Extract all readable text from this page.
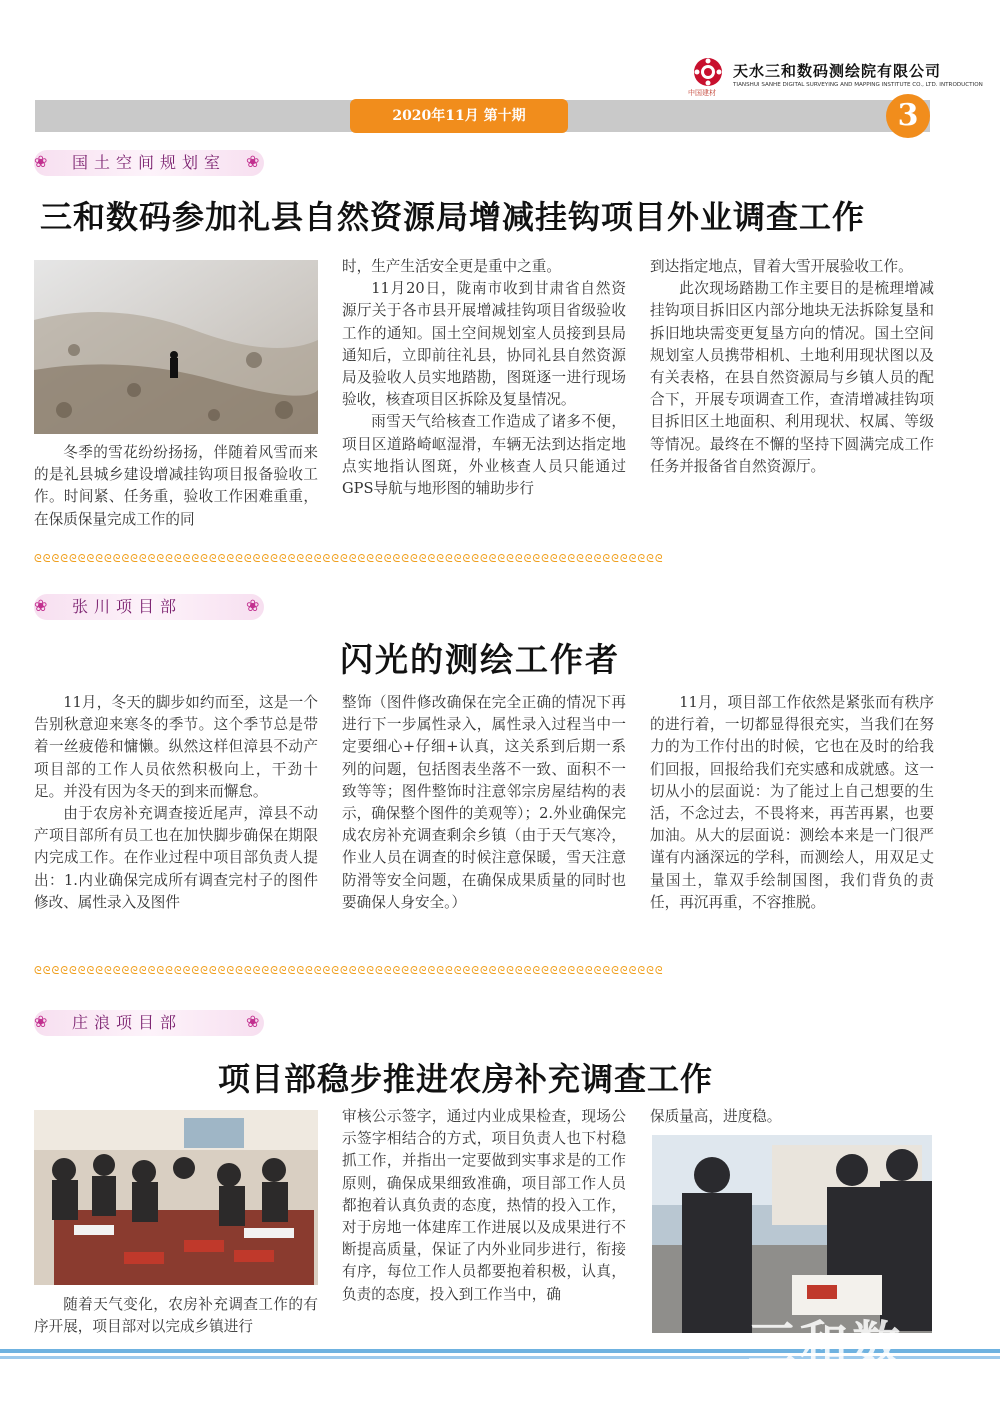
中国建材
天水三和数码测绘院有限公司
TIANSHUI SANHE DIGITAL SURVEYING AND MAPPING INSTITUTE CO., LTD. INTRODUCTION
2020年11月 第十期	3
❀ 国土空间规划室 ❀
三和数码参加礼县自然资源局增减挂钩项目外业调查工作

冬季的雪花纷纷扬扬，伴随着风雪而来的是礼县城乡建设增减挂钩项目报备验收工作。时间紧、任务重，验收工作困难重重，在保质保量完成工作的同

时，生产生活安全更是重中之重。

11月20日，陇南市收到甘肃省自然资源厅关于各市县开展增减挂钩项目省级验收工作的通知。国土空间规划室人员接到县局通知后，立即前往礼县，协同礼县自然资源局及验收人员实地踏勘，图斑逐一进行现场验收，核查项目区拆除及复垦情况。

雨雪天气给核查工作造成了诸多不便，项目区道路崎岖湿滑，车辆无法到达指定地点实地指认图斑，外业核查人员只能通过GPS导航与地形图的辅助步行

到达指定地点，冒着大雪开展验收工作。

此次现场踏勘工作主要目的是梳理增减挂钩项目拆旧区内部分地块无法拆除复垦和拆旧地块需变更复垦方向的情况。国土空间规划室人员携带相机、土地利用现状图以及有关表格，在县自然资源局与乡镇人员的配合下，开展专项调查工作，查清增减挂钩项目拆旧区土地面积、利用现状、权属、等级等情况。最终在不懈的坚持下圆满完成工作任务并报备省自然资源厅。

ᘓᘓᘓᘓᘓᘓᘓᘓᘓᘓᘓᘓᘓᘓᘓᘓᘓᘓᘓᘓᘓᘓᘓᘓᘓᘓᘓᘓᘓᘓᘓᘓᘓᘓᘓᘓᘓᘓᘓᘓᘓᘓᘓᘓᘓᘓᘓᘓᘓᘓᘓᘓᘓᘓᘓᘓᘓᘓᘓᘓᘓᘓᘓᘓᘓᘓᘓᘓᘓᘓᘓᘓ
❀ 张川项目部	❀
闪光的测绘工作者

11月，冬天的脚步如约而至，这是一个告别秋意迎来寒冬的季节。这个季节总是带着一丝疲倦和慵懒。纵然这样但漳县不动产项目部的工作人员依然积极向上，干劲十足。并没有因为冬天的到来而懈怠。

由于农房补充调查接近尾声，漳县不动产项目部所有员工也在加快脚步确保在期限内完成工作。在作业过程中项目部负责人提出：1.内业确保完成所有调查完村子的图件修改、属性录入及图件

整饰（图件修改确保在完全正确的情况下再进行下一步属性录入，属性录入过程当中一定要细心+仔细+认真，这关系到后期一系列的问题，包括图表坐落不一致、面积不一致等等；图件整饰时注意邻宗房屋结构的表示，确保整个图件的美观等）；2.外业确保完成农房补充调查剩余乡镇（由于天气寒冷，作业人员在调查的时候注意保暖，雪天注意防滑等安全问题，在确保成果质量的同时也要确保人身安全。）

11月，项目部工作依然是紧张而有秩序的进行着，一切都显得很充实，当我们在努力的为工作付出的时候，它也在及时的给我们回报，回报给我们充实感和成就感。这一切从小的层面说：为了能过上自己想要的生活，不念过去，不畏将来，再苦再累，也要加油。从大的层面说：测绘本来是一门很严谨有内涵深远的学科，而测绘人，用双足丈量国土，靠双手绘制国图，我们背负的责任，再沉再重，不容推脱。

ᘓᘓᘓᘓᘓᘓᘓᘓᘓᘓᘓᘓᘓᘓᘓᘓᘓᘓᘓᘓᘓᘓᘓᘓᘓᘓᘓᘓᘓᘓᘓᘓᘓᘓᘓᘓᘓᘓᘓᘓᘓᘓᘓᘓᘓᘓᘓᘓᘓᘓᘓᘓᘓᘓᘓᘓᘓᘓᘓᘓᘓᘓᘓᘓᘓᘓᘓᘓᘓᘓᘓᘓ
❀ 庄浪项目部	❀
项目部稳步推进农房补充调查工作

随着天气变化，农房补充调查工作的有序开展，项目部对以完成乡镇进行

审核公示签字，通过内业成果检查，现场公示签字相结合的方式，项目负责人也下村稳抓工作，并指出一定要做到实事求是的工作原则，确保成果细致准确，项目部工作人员都抱着认真负责的态度，热情的投入工作，对于房地一体建库工作进展以及成果进行不断提高质量，保证了内外业同步进行，衔接有序，每位工作人员都要抱着积极，认真，负责的态度，投入到工作当中，确

保质量高，进度稳。

三和数
